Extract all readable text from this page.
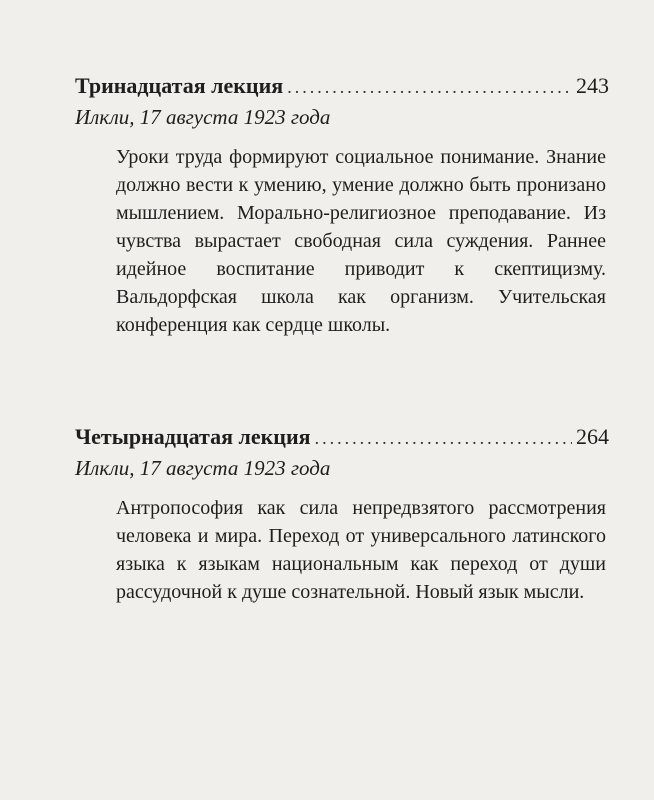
Тринадцатая лекция .....	243
Илкли, 17 августа 1923 года
Уроки труда формируют социальное понимание. Знание должно вести к умению, умение должно быть пронизано мышлением. Морально-религиозное преподавание. Из чувства вырастает свободная сила суждения. Раннее идейное воспитание приводит к скептицизму. Вальдорфская школа как организм. Учительская конференция как сердце школы.
Четырнадцатая лекция .....	264
Илкли, 17 августа 1923 года
Антропософия как сила непредвзятого рассмотрения человека и мира. Переход от универсального латинского языка к языкам национальным как переход от души рассудочной к душе сознательной. Новый язык мысли.
